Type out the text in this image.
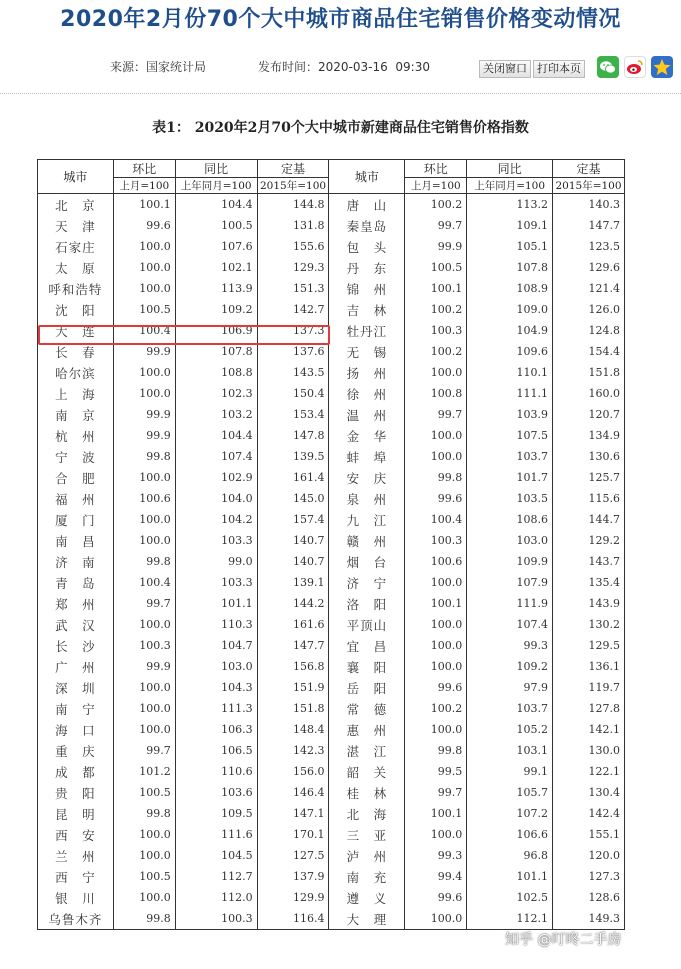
2020年2月份70个大中城市商品住宅销售价格变动情况
来源：国家统计局	发布时间：2020-03-16  09:30	关闭窗口 打印本页
表1： 2020年2月70个大中城市新建商品住宅销售价格指数
城市	环比	同比	定基	城市	环比	同比	定基
	上月=100	上年同月=100	2015年=100		上月=100	上年同月=100	2015年=100
北　京	100.1	104.4	144.8	唐　山	100.2	113.2	140.3
天　津	99.6	100.5	131.8	秦皇岛	99.7	109.1	147.7
石家庄	100.0	107.6	155.6	包　头	99.9	105.1	123.5
太　原	100.0	102.1	129.3	丹　东	100.5	107.8	129.6
呼和浩特	100.0	113.9	151.3	锦　州	100.1	108.9	121.4
沈　阳	100.5	109.2	142.7	吉　林	100.2	109.0	126.0
大　连	100.4	106.9	137.3	牡丹江	100.3	104.9	124.8
长　春	99.9	107.8	137.6	无　锡	100.2	109.6	154.4
哈尔滨	100.0	108.8	143.5	扬　州	100.0	110.1	151.8
上　海	100.0	102.3	150.4	徐　州	100.8	111.1	160.0
南　京	99.9	103.2	153.4	温　州	99.7	103.9	120.7
杭　州	99.9	104.4	147.8	金　华	100.0	107.5	134.9
宁　波	99.8	107.4	139.5	蚌　埠	100.0	103.7	130.6
合　肥	100.0	102.9	161.4	安　庆	99.8	101.7	125.7
福　州	100.6	104.0	145.0	泉　州	99.6	103.5	115.6
厦　门	100.0	104.2	157.4	九　江	100.4	108.6	144.7
南　昌	100.0	103.3	140.7	赣　州	100.3	103.0	129.2
济　南	99.8	99.0	140.7	烟　台	100.6	109.9	143.7
青　岛	100.4	103.3	139.1	济　宁	100.0	107.9	135.4
郑　州	99.7	101.1	144.2	洛　阳	100.1	111.9	143.9
武　汉	100.0	110.3	161.6	平顶山	100.0	107.4	130.2
长　沙	100.3	104.7	147.7	宜　昌	100.0	99.3	129.5
广　州	99.9	103.0	156.8	襄　阳	100.0	109.2	136.1
深　圳	100.0	104.3	151.9	岳　阳	99.6	97.9	119.7
南　宁	100.0	111.3	151.8	常　德	100.2	103.7	127.8
海　口	100.0	106.3	148.4	惠　州	100.0	105.2	142.1
重　庆	99.7	106.5	142.3	湛　江	99.8	103.1	130.0
成　都	101.2	110.6	156.0	韶　关	99.5	99.1	122.1
贵　阳	100.5	103.6	146.4	桂　林	99.7	105.7	130.4
昆　明	99.8	109.5	147.1	北　海	100.1	107.2	142.4
西　安	100.0	111.6	170.1	三　亚	100.0	106.6	155.1
兰　州	100.0	104.5	127.5	泸　州	99.3	96.8	120.0
西　宁	100.5	112.7	137.9	南　充	99.4	101.1	127.3
银　川	100.0	112.0	129.9	遵　义	99.6	102.5	128.6
乌鲁木齐	99.8	100.3	116.4	大　理	100.0	112.1	149.3
知乎 @叮咚二手房
